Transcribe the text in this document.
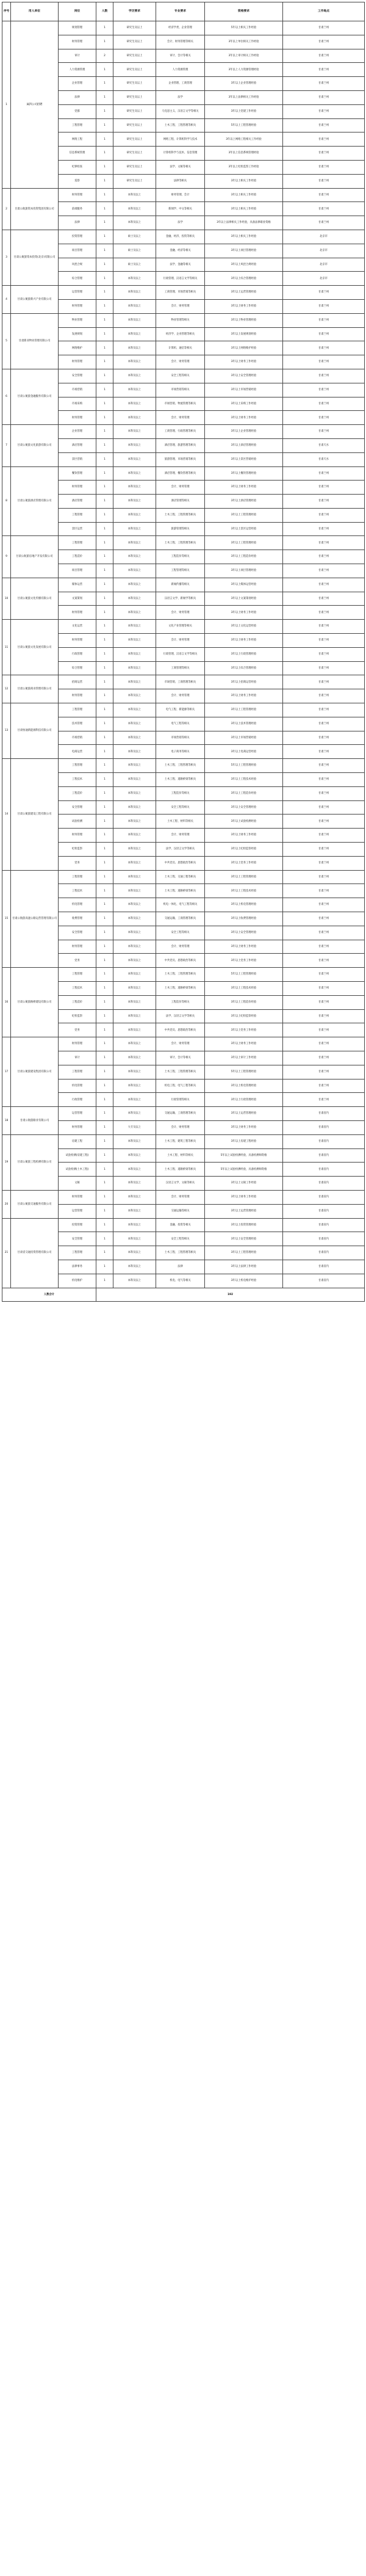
序号	用人单位	岗位	人数	学历要求	专业要求	资格要求	工作地点
1	属四公司招聘	规划管理	1	研究生及以上	经济学类、企业管理	5年以上相关工作经验	甘肃兰州
		财务管理	1	研究生及以上	会计、财务管理等相关	3年以上单位相关工作经验	甘肃兰州
		审计	2	研究生及以上	审计、会计等相关	3年以上审计相关工作经验	甘肃兰州
		人力资源管理	1	研究生及以上	人力资源管理	3年以上人力资源管理经验	甘肃兰州
		企业管理	1	研究生及以上	企业管理、工商管理	3年以上企业管理经验	甘肃兰州
		法律	1	研究生及以上	法学	3年以上法律相关工作经验	甘肃兰州
		党群	1	研究生及以上	马克思主义、汉语言文学等相关	3年以上党建工作经验	甘肃兰州
		工程管理	1	研究生及以上	土木工程、工程管理等相关	5年以上工程管理经验	甘肃兰州
		网络工程	1	研究生及以上	网络工程、计算机科学与技术	3年以上网络工程相关工作经验	甘肃兰州
		信息系统管理	1	研究生及以上	计算机科学与技术、信息管理	3年以上信息系统管理经验	甘肃兰州
		纪律检查	1	研究生及以上	法学、文秘等相关	3年以上纪检监察工作经验	甘肃兰州
		巡察	1	研究生及以上	法律等相关	3年以上相关工作经验	甘肃兰州
2	甘肃公航旅资本投资集团有限公司	财务管理	1	本科及以上	财务管理、会计	3年以上相关工作经验	甘肃兰州
		前端服务	1	本科及以上	新闻学、中文等相关	3年以上相关工作经验	甘肃兰州
		法律	1	本科及以上	法学	3年以上法律相关工作经验，具备法律职业资格	甘肃兰州
3	甘肃公航旅资本投资(北京)有限公司	投资管理	1	硕士及以上	金融、经济、投资等相关	3年以上相关工作经验	北京市
		项目管理	1	硕士及以上	金融、经济等相关	3年以上项目管理经验	北京市
		风控合规	1	硕士及以上	法学、金融等相关	3年以上风控合规经验	北京市
		综合管理	1	本科及以上	行政管理、汉语言文学等相关	3年以上综合管理经验	北京市
4	甘肃公航旅新兴产业有限公司	运营管理	1	本科及以上	工商管理、市场营销等相关	3年以上运营管理经验	甘肃兰州
		财务管理	1	本科及以上	会计、财务管理	3年以上财务工作经验	甘肃兰州
5	甘肃新业物业管理有限公司	物业管理	1	本科及以上	物业管理等相关	3年以上物业管理经验	甘肃兰州
		发展规划	1	本科及以上	经济学、企业管理等相关	3年以上发展规划经验	甘肃兰州
		网络维护	1	本科及以上	计算机、通信等相关	3年以上网络维护经验	甘肃兰州
		财务管理	1	本科及以上	会计、财务管理	3年以上财务工作经验	甘肃兰州
6	甘肃公航旅金融服务有限公司	安全管理	1	本科及以上	安全工程等相关	3年以上安全管理经验	甘肃兰州
		市场营销	1	本科及以上	市场营销等相关	3年以上市场营销经验	甘肃兰州
		市场采购	1	本科及以上	市场营销、物流管理等相关	3年以上采购工作经验	甘肃兰州
		财务管理	1	本科及以上	会计、财务管理	3年以上财务工作经验	甘肃兰州
7	甘肃公航旅文化旅游有限公司	企业管理	1	本科及以上	工商管理、行政管理等相关	3年以上企业管理经验	甘肃兰州
		酒店管理	1	本科及以上	酒店管理、旅游管理等相关	3年以上酒店管理经验	甘肃天水
		景区营销	1	本科及以上	旅游管理、市场营销等相关	3年以上景区营销经验	甘肃天水
8	甘肃公航旅酒店管理有限公司	餐饮管理	1	本科及以上	酒店管理、餐饮管理等相关	3年以上餐饮管理经验	甘肃兰州
		财务管理	1	本科及以上	会计、财务管理	3年以上财务工作经验	甘肃兰州
		酒店管理	1	本科及以上	酒店管理等相关	3年以上酒店管理经验	甘肃兰州
		工程管理	1	本科及以上	土木工程、工程管理等相关	3年以上工程管理经验	甘肃兰州
		景区运营	1	本科及以上	旅游管理等相关	3年以上景区运营经验	甘肃兰州
9	甘肃公航旅房地产开发有限公司	工程管理	1	本科及以上	土木工程、工程管理等相关	3年以上工程管理经验	甘肃兰州
		工程造价	1	本科及以上	工程造价等相关	3年以上工程造价经验	甘肃兰州
		项目管理	1	本科及以上	工程管理等相关	3年以上项目管理经验	甘肃兰州
10	甘肃公航旅文化传播有限公司	媒体运营	1	本科及以上	新闻传播等相关	3年以上媒体运营经验	甘肃兰州
		文案策划	1	本科及以上	汉语言文学、新闻学等相关	3年以上文案策划经验	甘肃兰州
		财务管理	1	本科及以上	会计、财务管理	3年以上财务工作经验	甘肃兰州
11	甘肃公航旅文化发展有限公司	文化运营	1	本科及以上	文化产业管理等相关	3年以上文化运营经验	甘肃兰州
		财务管理	1	本科及以上	会计、财务管理	3年以上财务工作经验	甘肃兰州
		行政管理	1	本科及以上	行政管理、汉语言文学等相关	3年以上行政管理经验	甘肃兰州
		综合管理	1	本科及以上	工商管理等相关	3年以上综合管理经验	甘肃兰州
12	甘肃公航旅商业管理有限公司	招商运营	1	本科及以上	市场营销、工商管理等相关	3年以上招商运营经验	甘肃兰州
		财务管理	1	本科及以上	会计、财务管理	3年以上财务工作经验	甘肃兰州
13	甘肃恒通新能源科技有限公司	工程管理	1	本科及以上	电气工程、新能源等相关	3年以上工程管理经验	甘肃兰州
		技术管理	1	本科及以上	电气工程等相关	3年以上技术管理经验	甘肃兰州
		市场营销	1	本科及以上	市场营销等相关	3年以上市场营销经验	甘肃兰州
		电商运营	1	本科及以上	电子商务等相关	3年以上电商运营经验	甘肃兰州
14	甘肃公航旅建设工程有限公司	工程管理	1	本科及以上	土木工程、工程管理等相关	5年以上工程管理经验	甘肃兰州
		工程技术	1	本科及以上	土木工程、道路桥梁等相关	3年以上工程技术经验	甘肃兰州
		工程造价	1	本科及以上	工程造价等相关	3年以上工程造价经验	甘肃兰州
		安全管理	1	本科及以上	安全工程等相关	3年以上安全管理经验	甘肃兰州
		试验检测	1	本科及以上	土木工程、材料等相关	3年以上试验检测经验	甘肃兰州
		财务管理	1	本科及以上	会计、财务管理	3年以上财务工作经验	甘肃兰州
		纪检监察	1	本科及以上	法学、汉语言文学等相关	3年以上纪检监察经验	甘肃兰州
		党务	1	本科及以上	中共党员、思想政治等相关	3年以上党务工作经验	甘肃兰州
15	甘肃公航旅高速公路运营管理有限公司	工程管理	1	本科及以上	土木工程、交通工程等相关	3年以上工程管理经验	甘肃兰州
		工程技术	1	本科及以上	土木工程、道路桥梁等相关	3年以上工程技术经验	甘肃兰州
		机电管理	1	本科及以上	机电一体化、电气工程等相关	3年以上机电管理经验	甘肃兰州
		收费管理	1	本科及以上	交通运输、工商管理等相关	3年以上收费管理经验	甘肃兰州
		安全管理	1	本科及以上	安全工程等相关	3年以上安全管理经验	甘肃兰州
		财务管理	1	本科及以上	会计、财务管理	3年以上财务工作经验	甘肃兰州
		党务	1	本科及以上	中共党员、思想政治等相关	3年以上党务工作经验	甘肃兰州
16	甘肃公航旅路桥建设有限公司	工程管理	1	本科及以上	土木工程、工程管理等相关	5年以上工程管理经验	甘肃兰州
		工程技术	1	本科及以上	土木工程、道路桥梁等相关	3年以上工程技术经验	甘肃兰州
		工程造价	1	本科及以上	工程造价等相关	3年以上工程造价经验	甘肃兰州
		纪检监察	1	本科及以上	法学、汉语言文学等相关	3年以上纪检监察经验	甘肃兰州
		党务	1	本科及以上	中共党员、思想政治等相关	3年以上党务工作经验	甘肃兰州
17	甘肃公航旅建设集团有限公司	财务管理	1	本科及以上	会计、财务管理	3年以上财务工作经验	甘肃兰州
		审计	1	本科及以上	审计、会计等相关	3年以上审计工作经验	甘肃兰州
		工程管理	1	本科及以上	土木工程、工程管理等相关	5年以上工程管理经验	甘肃兰州
		机电管理	1	本科及以上	机电工程、电气工程等相关	3年以上机电管理经验	甘肃兰州
		行政管理	1	本科及以上	行政管理等相关	3年以上行政管理经验	甘肃兰州
18	甘肃公航旅路业有限公司	运营管理	1	本科及以上	交通运输、工商管理等相关	3年以上运营管理经验	甘肃省内
		财务管理	1	大专及以上	会计、财务管理	3年以上财务工作经验	甘肃省内
19	甘肃公航旅工程检测有限公司	房建工程	1	本科及以上	土木工程、建筑工程等相关	3年以上房建工程经验	甘肃省内
		试验检测(房建工程)	1	本科及以上	土木工程、材料等相关	5年以上试验检测经验，具备检测师资格	甘肃省内
		试验检测(土木工程)	1	本科及以上	土木工程、道路桥梁等相关	5年以上试验检测经验，具备检测师资格	甘肃省内
		文秘	1	本科及以上	汉语言文学、文秘等相关	3年以上文秘工作经验	甘肃省内
20	甘肃公航旅交通服务有限公司	财务管理	1	本科及以上	会计、财务管理	3年以上财务工作经验	甘肃省内
		运营管理	1	本科及以上	交通运输等相关	3年以上运营管理经验	甘肃省内
21	甘肃省交通投资管理有限公司	投资管理	1	本科及以上	金融、投资等相关	3年以上投资管理经验	甘肃省内
		安全管理	1	本科及以上	安全工程等相关	3年以上安全管理经验	甘肃省内
		工程管理	1	本科及以上	土木工程、工程管理等相关	3年以上工程管理经验	甘肃省内
		法律事务	1	本科及以上	法律	3年以上法律工作经验	甘肃省内
		机电维护	1	本科及以上	机电、电气等相关	3年以上机电维护经验	甘肃省内
人数合计			192				
